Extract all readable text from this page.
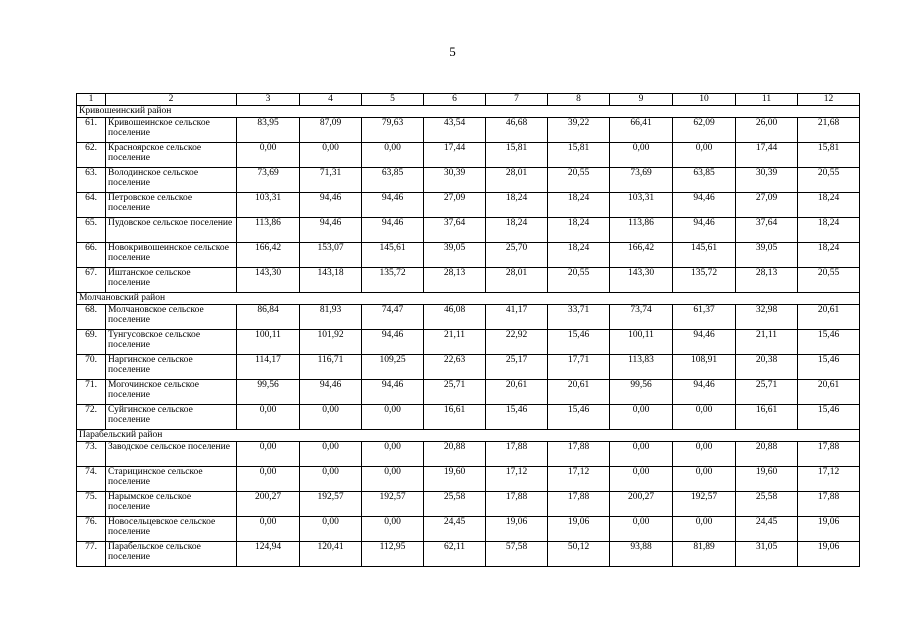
5
1	2	3	4	5	6	7	8	9	10	11	12
Кривошеинский район											
61.	Кривошеинское сельское поселение	83,95	87,09	79,63	43,54	46,68	39,22	66,41	62,09	26,00	21,68
62.	Красноярское сельское поселение	0,00	0,00	0,00	17,44	15,81	15,81	0,00	0,00	17,44	15,81
63.	Володинское сельское поселение	73,69	71,31	63,85	30,39	28,01	20,55	73,69	63,85	30,39	20,55
64.	Петровское сельское поселение	103,31	94,46	94,46	27,09	18,24	18,24	103,31	94,46	27,09	18,24
65.	Пудовское сельское поселение	113,86	94,46	94,46	37,64	18,24	18,24	113,86	94,46	37,64	18,24
66.	Новокривошеинское сельское поселение	166,42	153,07	145,61	39,05	25,70	18,24	166,42	145,61	39,05	18,24
67.	Иштанское сельское поселение	143,30	143,18	135,72	28,13	28,01	20,55	143,30	135,72	28,13	20,55
Молчановский район											
68.	Молчановское сельское поселение	86,84	81,93	74,47	46,08	41,17	33,71	73,74	61,37	32,98	20,61
69.	Тунгусовское сельское поселение	100,11	101,92	94,46	21,11	22,92	15,46	100,11	94,46	21,11	15,46
70.	Наргинское сельское поселение	114,17	116,71	109,25	22,63	25,17	17,71	113,83	108,91	20,38	15,46
71.	Могочинское сельское поселение	99,56	94,46	94,46	25,71	20,61	20,61	99,56	94,46	25,71	20,61
72.	Суйгинское сельское поселение	0,00	0,00	0,00	16,61	15,46	15,46	0,00	0,00	16,61	15,46
Парабельский район											
73.	Заводское сельское поселение	0,00	0,00	0,00	20,88	17,88	17,88	0,00	0,00	20,88	17,88
74.	Старицинское сельское поселение	0,00	0,00	0,00	19,60	17,12	17,12	0,00	0,00	19,60	17,12
75.	Нарымское сельское поселение	200,27	192,57	192,57	25,58	17,88	17,88	200,27	192,57	25,58	17,88
76.	Новосельцевское сельское поселение	0,00	0,00	0,00	24,45	19,06	19,06	0,00	0,00	24,45	19,06
77.	Парабельское сельское поселение	124,94	120,41	112,95	62,11	57,58	50,12	93,88	81,89	31,05	19,06
